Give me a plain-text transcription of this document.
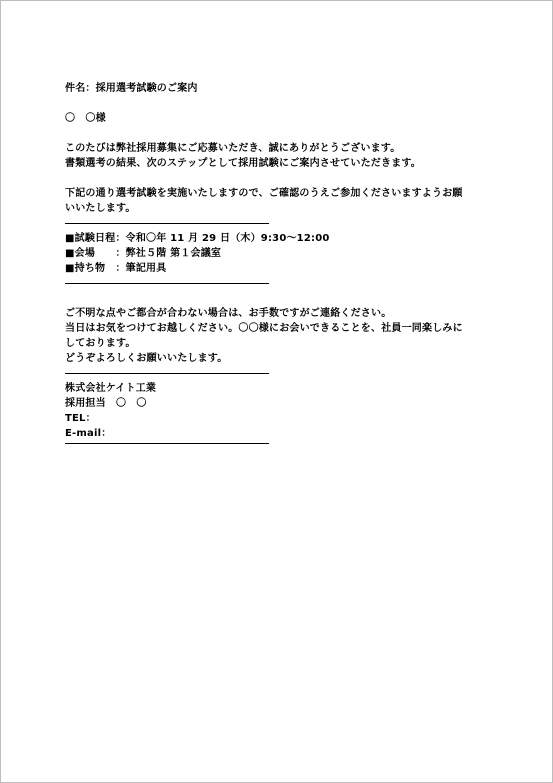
件名：採用選考試験のご案内
〇　〇様
このたびは弊社採用募集にご応募いただき、誠にありがとうございます。
書類選考の結果、次のステップとして採用試験にご案内させていただきます。
下記の通り選考試験を実施いたしますので、ご確認のうえご参加くださいますようお願
いいたします。
■試験日程：令和〇年 11 月 29 日（木）9:30〜12:00
■会場　　：弊社５階 第１会議室
■持ち物　：筆記用具
ご不明な点やご都合が合わない場合は、お手数ですがご連絡ください。
当日はお気をつけてお越しください。〇〇様にお会いできることを、社員一同楽しみに
しております。
どうぞよろしくお願いいたします。
株式会社ケイト工業
採用担当　〇　〇
TEL：
E-mail：
